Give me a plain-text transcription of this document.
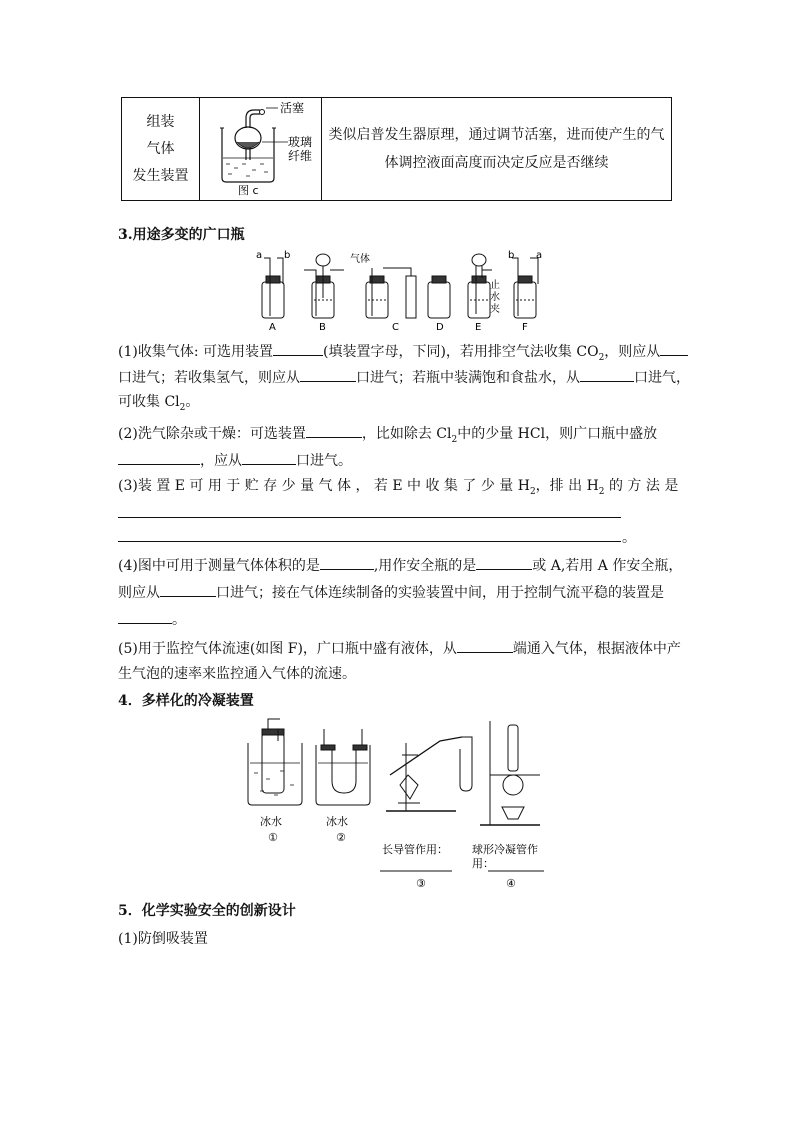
组装
气体
发生装置

活塞
玻璃
纤维
图 c

类似启普发生器原理，通过调节活塞，进而使产生的气
体调控液面高度而决定反应是否继续
3.用途多变的广口瓶
a b	气体	b a
止
水
夹
A	B	C	D	E	F
(1)收集气体: 可选用装置	(填装置字母，下同)，若用排空气法收集 $CO_2$，则应从
口进气；若收集氢气，则应从	口进气；若瓶中装满饱和食盐水，从	口进气，
可收集 $Cl_2$。
(2)洗气除杂或干燥：可选装置	，比如除去 $Cl_2$中的少量 HCl，则广口瓶中盛放
，应从	口进气。
(3)装 置 E 可 用 于 贮 存 少 量 气 体 ， 若 E 中 收 集 了 少 量 $H_2$，排 出 $H_2$ 的 方 法 是
。
(4)图中可用于测量气体体积的是	,用作安全瓶的是	或 A,若用 A 作安全瓶，
则应从	口进气；接在气体连续制备的实验装置中间，用于控制气流平稳的装置是
。
(5)用于监控气体流速(如图 F)，广口瓶中盛有液体，从	端通入气体，根据液体中产
生气泡的速率来监控通入气体的流速。
4．多样化的冷凝装置
冰水
①
冰水
②
长导管作用：
③
球形冷凝管作
用：
④
5．化学实验安全的创新设计
(1)防倒吸装置
